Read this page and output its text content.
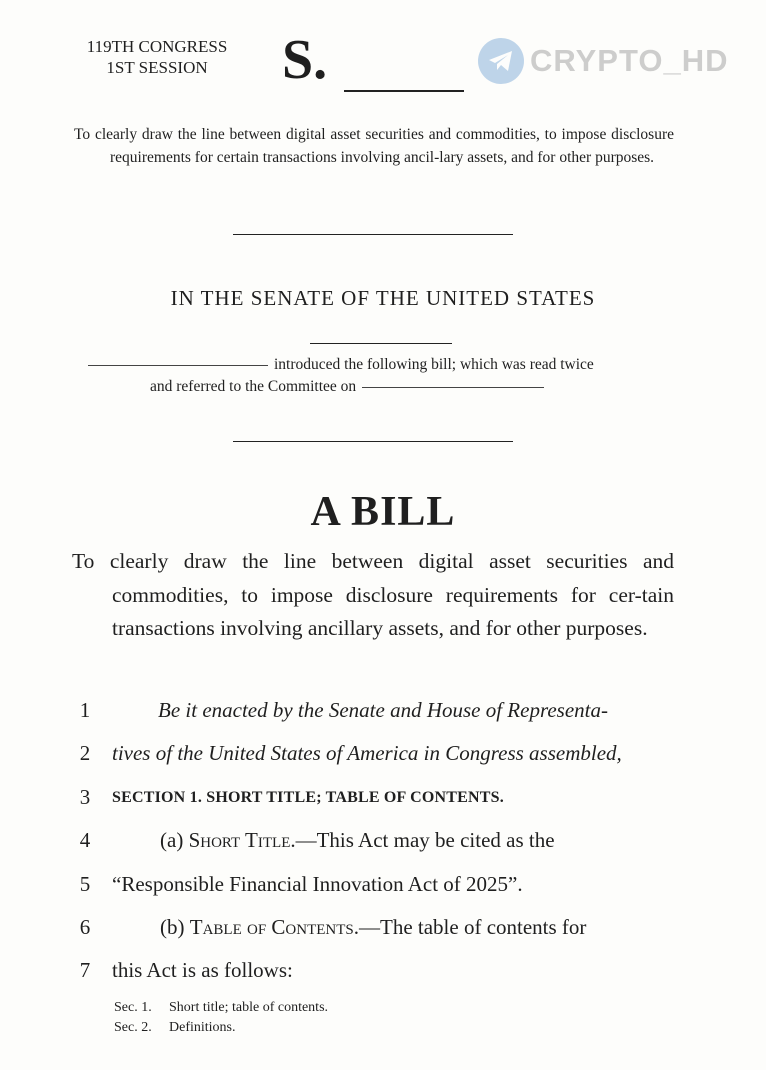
119TH CONGRESS
1ST SESSION	S.	CRYPTO_HD

To clearly draw the line between digital asset securities and commodities, to impose disclosure requirements for certain transactions involving ancil-lary assets, and for other purposes.

IN THE SENATE OF THE UNITED STATES
introduced the following bill; which was read twice
and referred to the Committee on
A BILL

To clearly draw the line between digital asset securities and commodities, to impose disclosure requirements for cer-tain transactions involving ancillary assets, and for other purposes.

1	Be it enacted by the Senate and House of Representa-
2	tives of the United States of America in Congress assembled,
3	SECTION 1. SHORT TITLE; TABLE OF CONTENTS.
4	(a) Short Title.—This Act may be cited as the
5	“Responsible Financial Innovation Act of 2025”.
6	(b) Table of Contents.—The table of contents for
7	this Act is as follows:
Sec. 1. Short title; table of contents.
Sec. 2. Definitions.
